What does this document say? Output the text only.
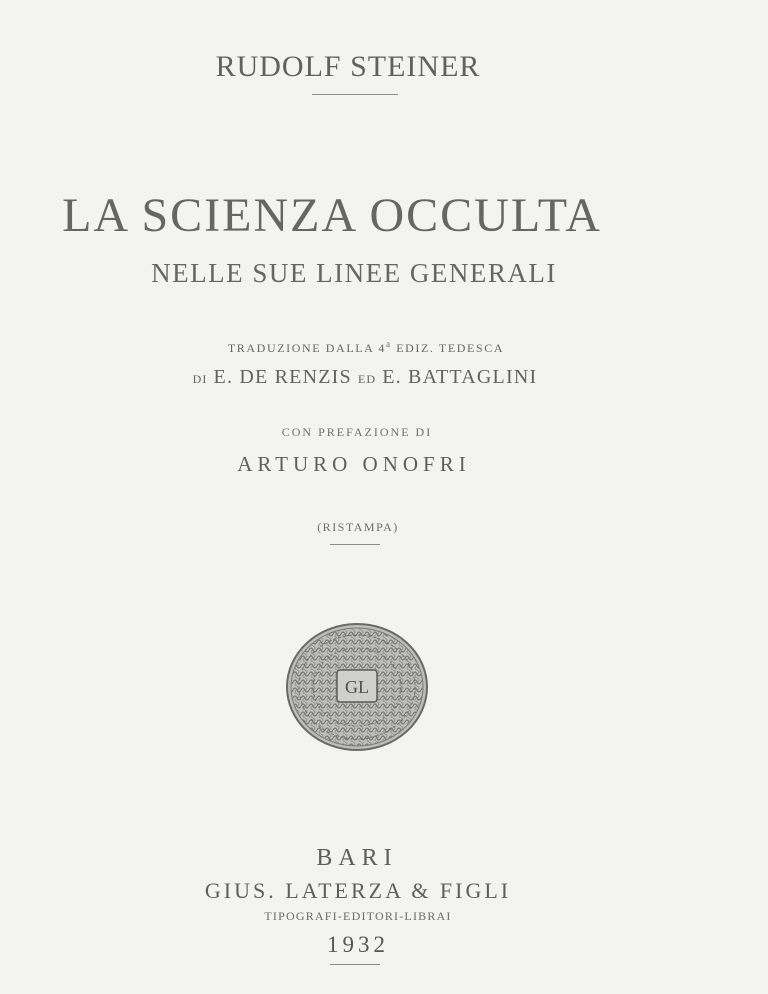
RUDOLF STEINER
LA SCIENZA OCCULTA
NELLE SUE LINEE GENERALI
TRADUZIONE DALLA 4$^a$ EDIZ. TEDESCA
DI E. DE RENZIS ED E. BATTAGLINI
CON PREFAZIONE DI
ARTURO ONOFRI
(RISTAMPA)
GL
BARI
GIUS. LATERZA & FIGLI
TIPOGRAFI-EDITORI-LIBRAI
1932
